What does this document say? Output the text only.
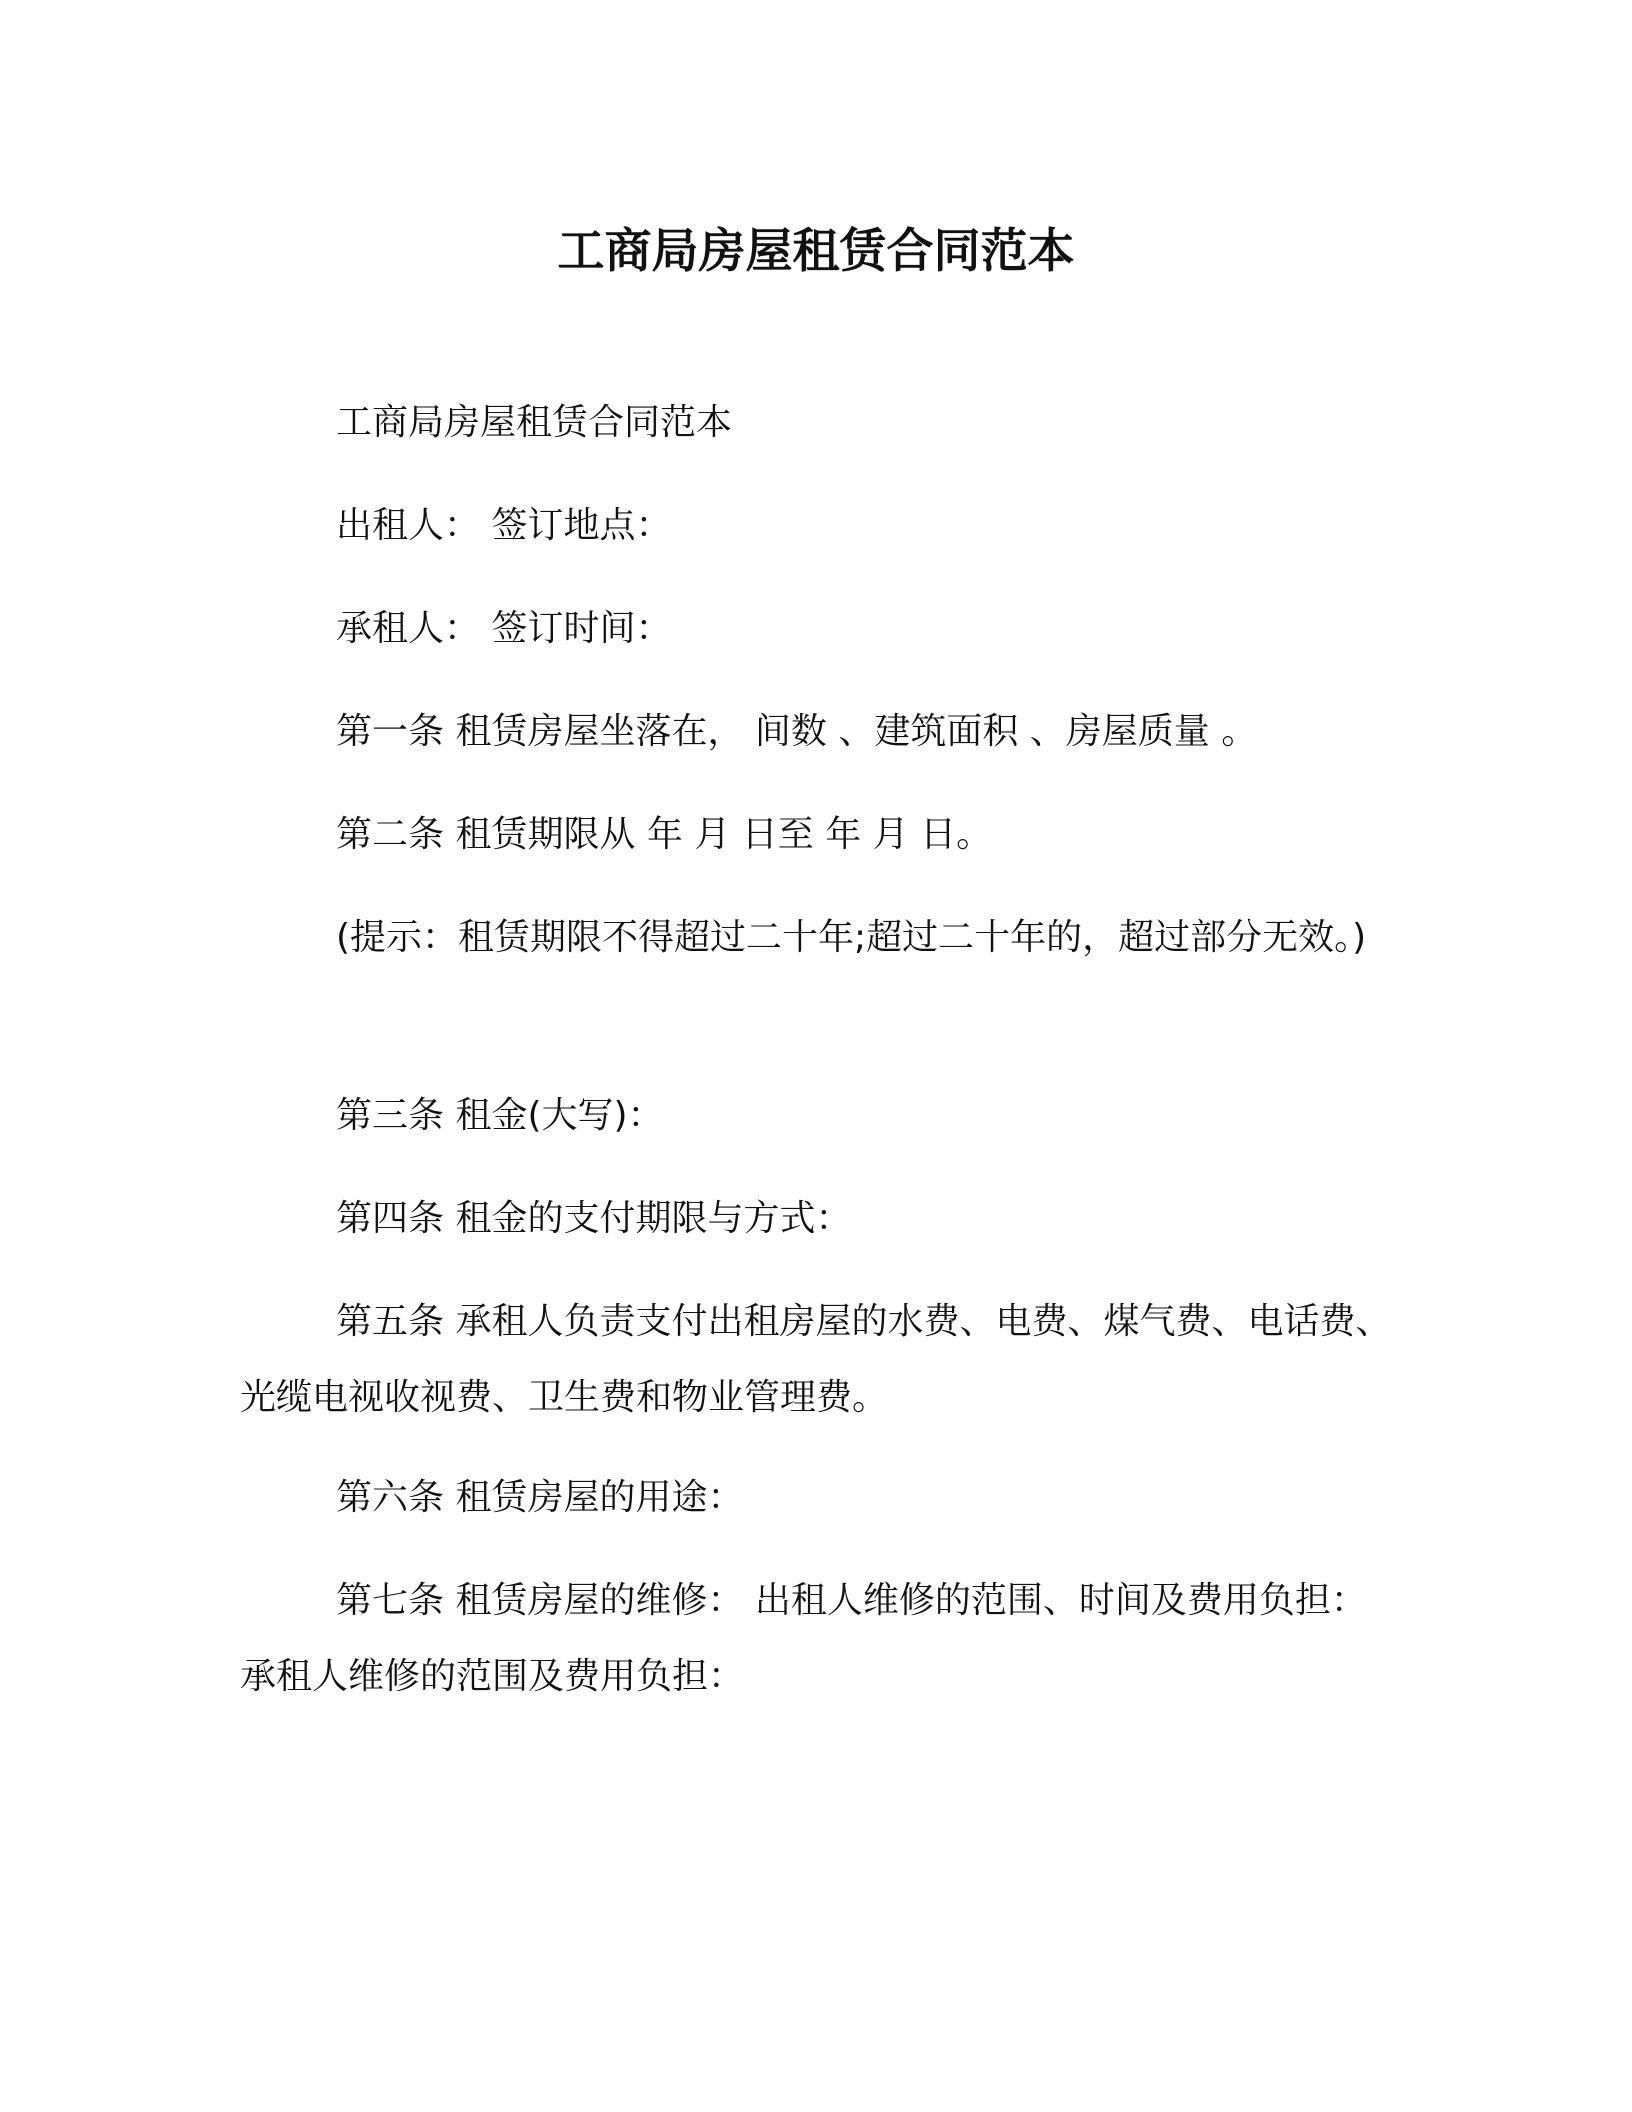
工商局房屋租赁合同范本

工商局房屋租赁合同范本

出租人： 签订地点：

承租人： 签订时间：

第一条 租赁房屋坐落在， 间数 、建筑面积 、房屋质量 。

第二条 租赁期限从 年 月 日至 年 月 日。

(提示：租赁期限不得超过二十年;超过二十年的，超过部分无效。)

第三条 租金(大写)：

第四条 租金的支付期限与方式：

第五条 承租人负责支付出租房屋的水费、电费、煤气费、电话费、光缆电视收视费、卫生费和物业管理费。

第六条 租赁房屋的用途：

第七条 租赁房屋的维修： 出租人维修的范围、时间及费用负担：承租人维修的范围及费用负担：
